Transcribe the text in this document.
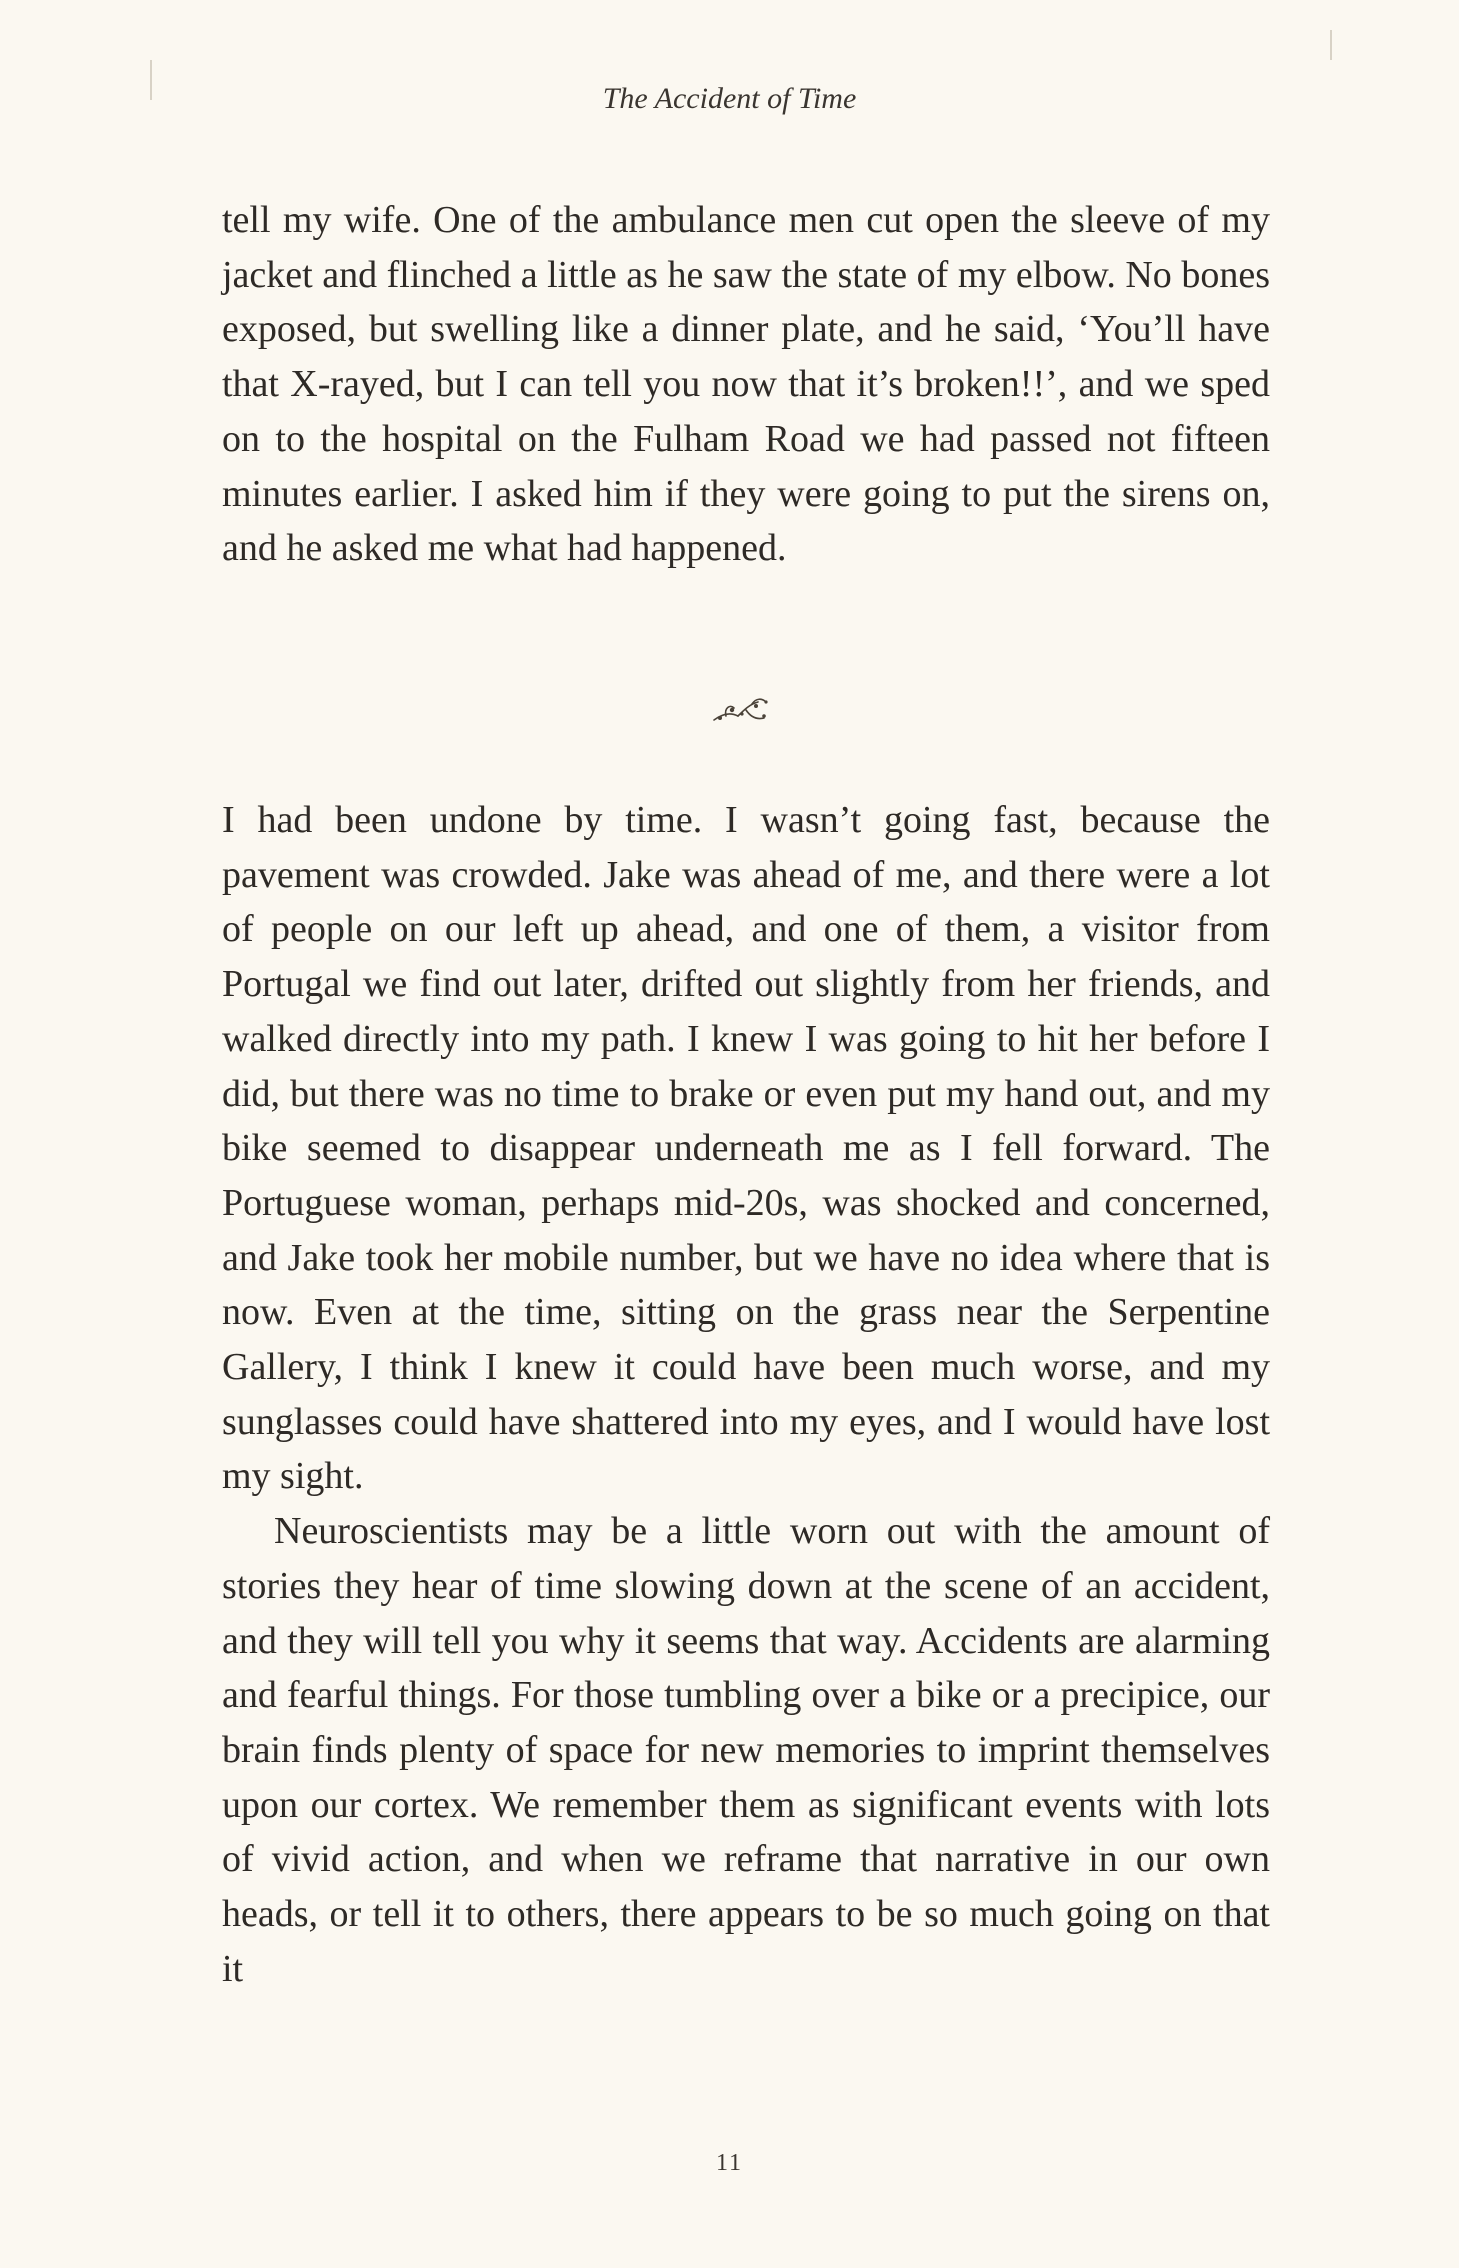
The Accident of Time

tell my wife. One of the ambulance men cut open the sleeve of my jacket and flinched a little as he saw the state of my elbow. No bones exposed, but swelling like a dinner plate, and he said, ‘You’ll have that X-rayed, but I can tell you now that it’s broken!!’, and we sped on to the hospital on the Fulham Road we had passed not fifteen minutes earlier. I asked him if they were going to put the sirens on, and he asked me what had happened.

I had been undone by time. I wasn’t going fast, because the pavement was crowded. Jake was ahead of me, and there were a lot of people on our left up ahead, and one of them, a visitor from Portugal we find out later, drifted out slightly from her friends, and walked directly into my path. I knew I was going to hit her before I did, but there was no time to brake or even put my hand out, and my bike seemed to disappear underneath me as I fell forward. The Portuguese woman, perhaps mid-20s, was shocked and concerned, and Jake took her mobile number, but we have no idea where that is now. Even at the time, sitting on the grass near the Serpentine Gallery, I think I knew it could have been much worse, and my sunglasses could have shattered into my eyes, and I would have lost my sight.

Neuroscientists may be a little worn out with the amount of stories they hear of time slowing down at the scene of an accident, and they will tell you why it seems that way. Accidents are alarming and fearful things. For those tumbling over a bike or a precipice, our brain finds plenty of space for new memories to imprint themselves upon our cortex. We remember them as significant events with lots of vivid action, and when we reframe that narrative in our own heads, or tell it to others, there appears to be so much going on that it

11
